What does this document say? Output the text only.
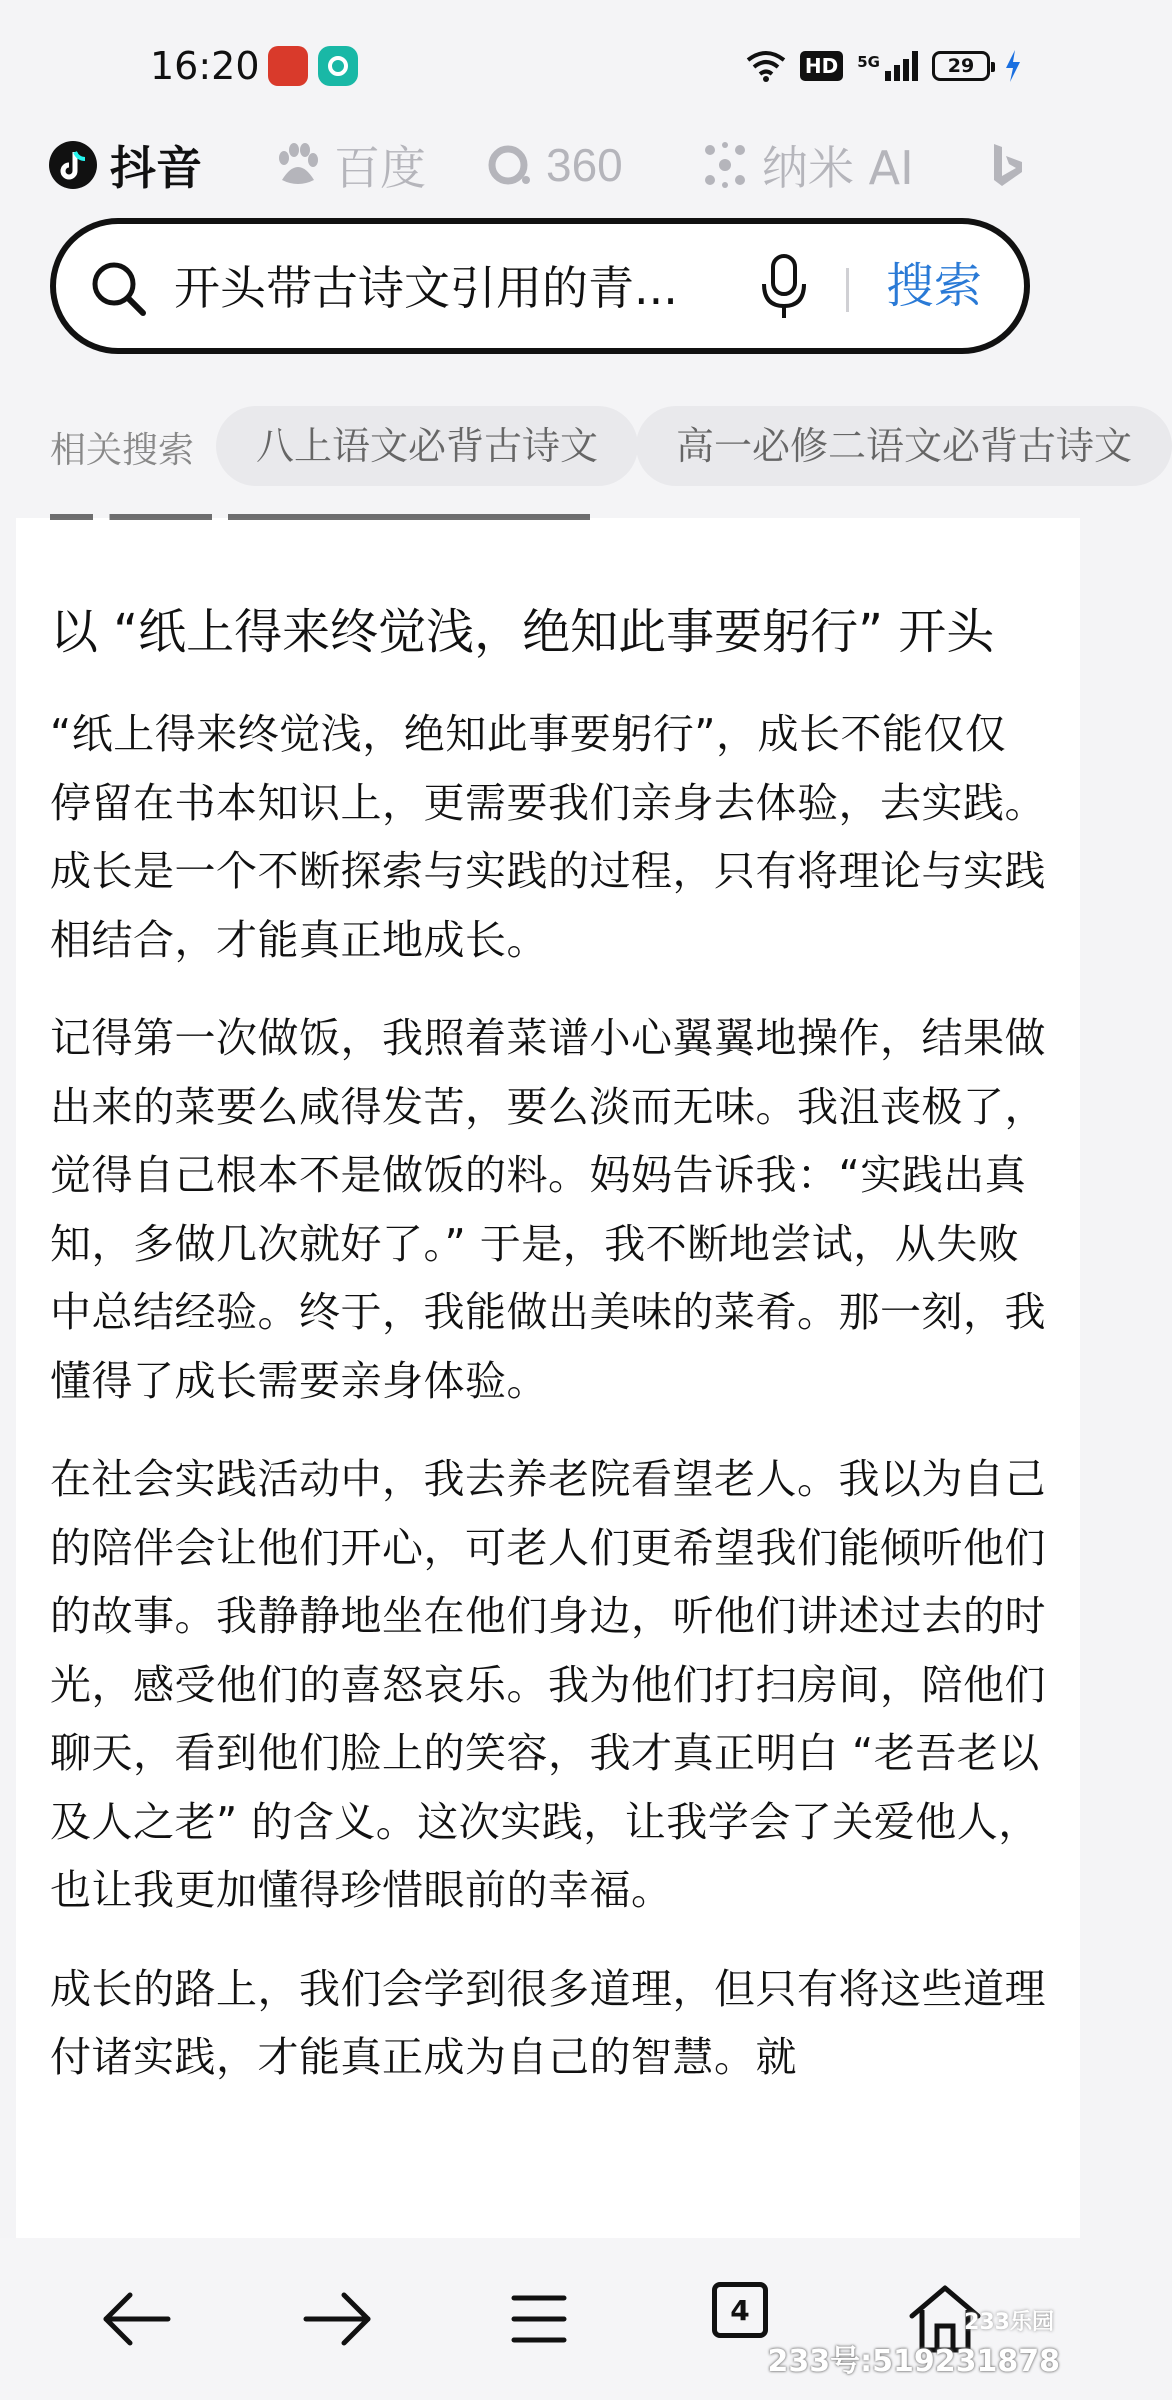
16:20	HD	5G	29
抖音	百度	360	纳米 AI
开头带古诗文引用的青...	搜索
相关搜索	八上语文必背古诗文	高一必修二语文必背古诗文
以 “纸上得来终觉浅，绝知此事要躬行” 开头

“纸上得来终觉浅，绝知此事要躬行”，成长不能仅仅停留在书本知识上，更需要我们亲身去体验，去实践。成长是一个不断探索与实践的过程，只有将理论与实践相结合，才能真正地成长。

记得第一次做饭，我照着菜谱小心翼翼地操作，结果做出来的菜要么咸得发苦，要么淡而无味。我沮丧极了，觉得自己根本不是做饭的料。妈妈告诉我：“实践出真知，多做几次就好了。” 于是，我不断地尝试，从失败中总结经验。终于，我能做出美味的菜肴。那一刻，我懂得了成长需要亲身体验。

在社会实践活动中，我去养老院看望老人。我以为自己的陪伴会让他们开心，可老人们更希望我们能倾听他们的故事。我静静地坐在他们身边，听他们讲述过去的时光，感受他们的喜怒哀乐。我为他们打扫房间，陪他们聊天，看到他们脸上的笑容，我才真正明白 “老吾老以及人之老” 的含义。这次实践，让我学会了关爱他人，也让我更加懂得珍惜眼前的幸福。

成长的路上，我们会学到很多道理，但只有将这些道理付诸实践，才能真正成为自己的智慧。就

4	233乐园
233号:519231878
